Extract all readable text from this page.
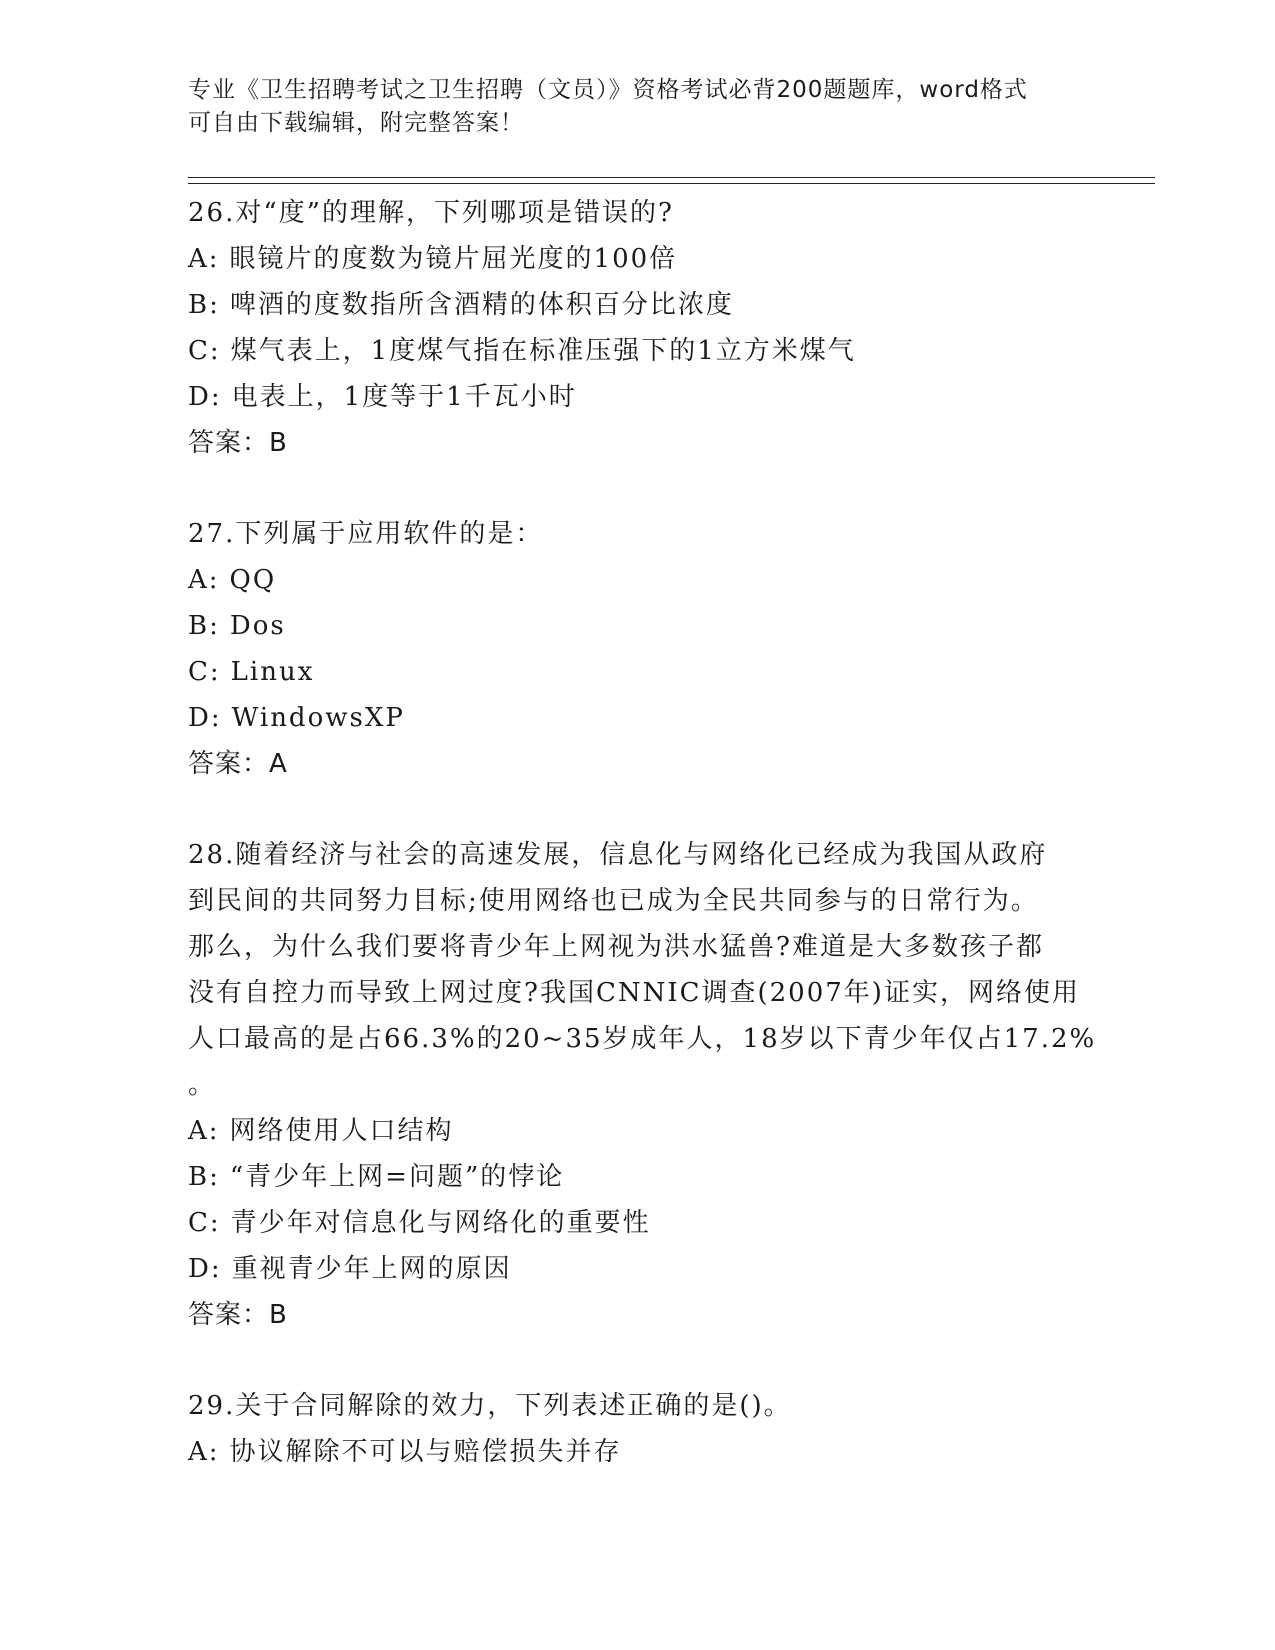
专业《卫生招聘考试之卫生招聘（文员）》资格考试必背200题题库，word格式
可自由下载编辑，附完整答案！
26.对“度”的理解，下列哪项是错误的?
A: 眼镜片的度数为镜片屈光度的100倍
B: 啤酒的度数指所含酒精的体积百分比浓度
C: 煤气表上，1度煤气指在标准压强下的1立方米煤气
D: 电表上，1度等于1千瓦小时
答案：B
27.下列属于应用软件的是：
A: QQ
B: Dos
C: Linux
D: WindowsXP
答案：A
28.随着经济与社会的高速发展，信息化与网络化已经成为我国从政府
到民间的共同努力目标;使用网络也已成为全民共同参与的日常行为。
那么，为什么我们要将青少年上网视为洪水猛兽?难道是大多数孩子都
没有自控力而导致上网过度?我国CNNIC调查(2007年)证实，网络使用
人口最高的是占66.3%的20~35岁成年人，18岁以下青少年仅占17.2%
。
A: 网络使用人口结构
B: “青少年上网=问题”的悖论
C: 青少年对信息化与网络化的重要性
D: 重视青少年上网的原因
答案：B
29.关于合同解除的效力，下列表述正确的是()。
A: 协议解除不可以与赔偿损失并存
